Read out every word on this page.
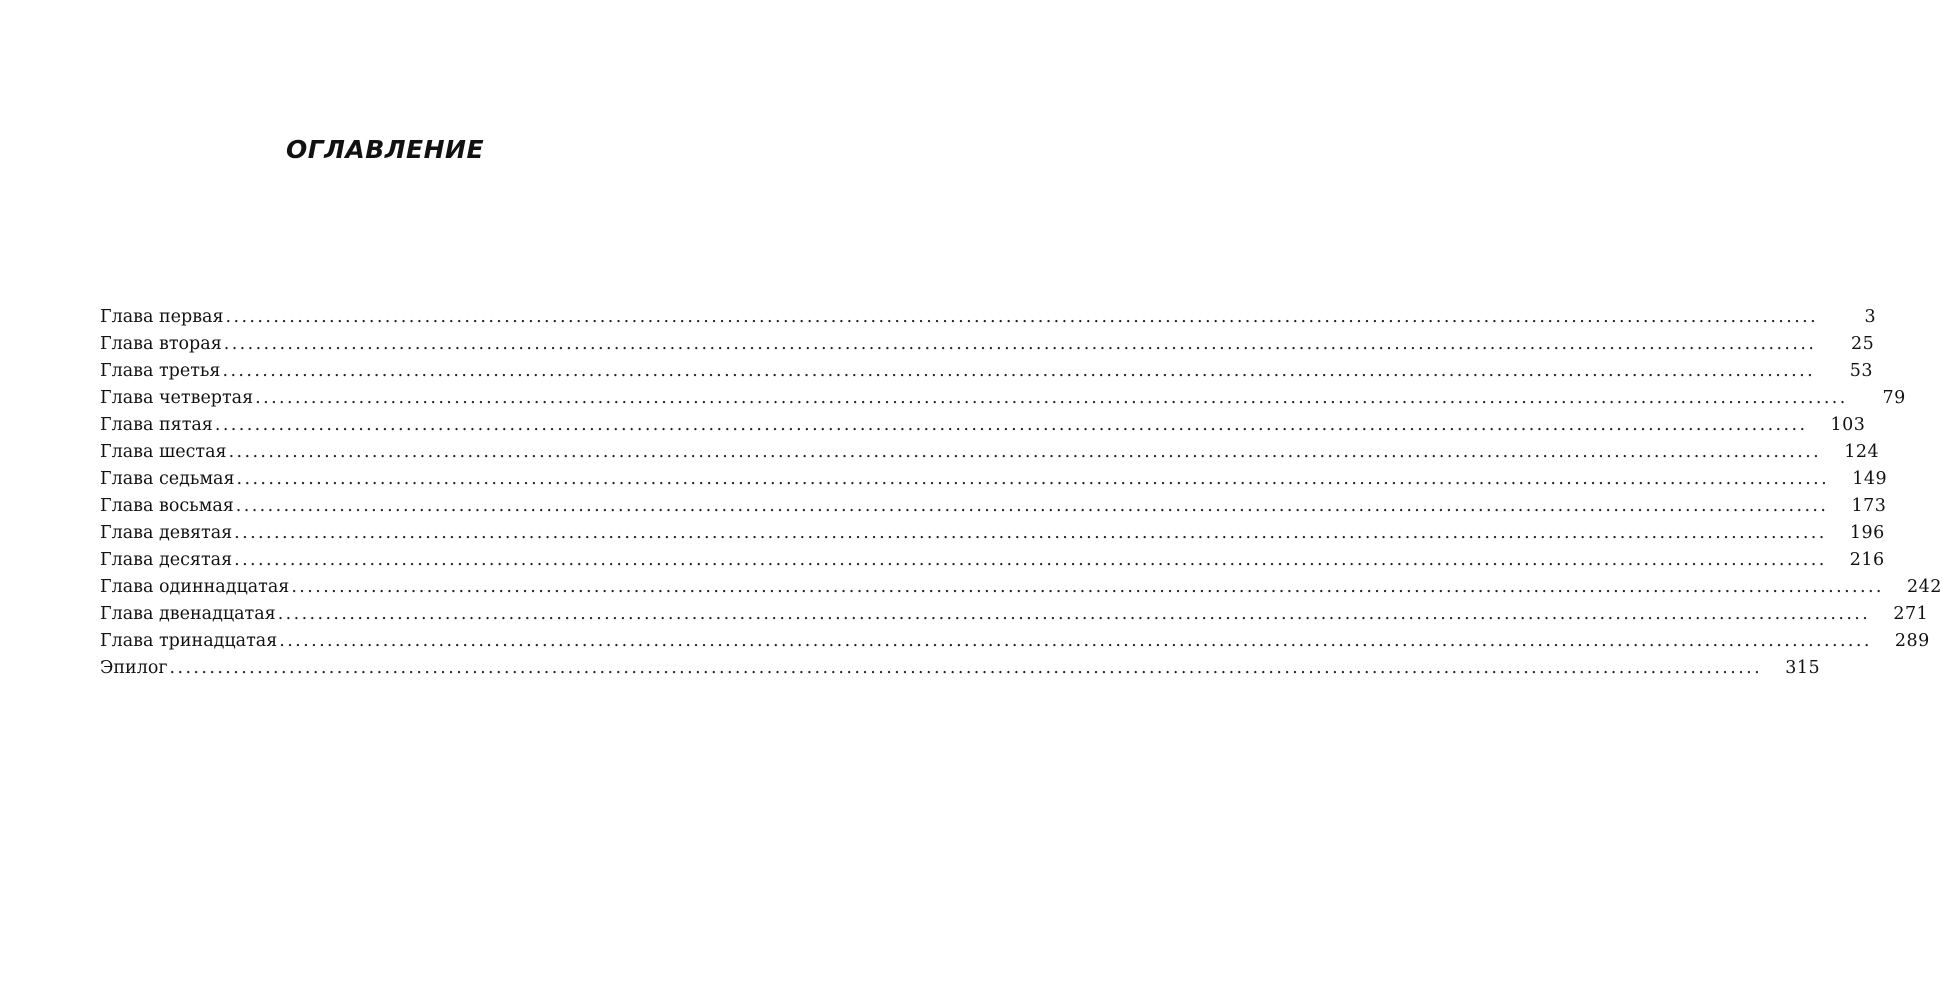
ОГЛАВЛЕНИЕ
Глава первая ........................................................................................................................................................................................................	3
Глава вторая ........................................................................................................................................................................................................	25
Глава третья ........................................................................................................................................................................................................	53
Глава четвертая ........................................................................................................................................................................................................	79
Глава пятая ........................................................................................................................................................................................................	103
Глава шестая ........................................................................................................................................................................................................	124
Глава седьмая ........................................................................................................................................................................................................	149
Глава восьмая ........................................................................................................................................................................................................	173
Глава девятая ........................................................................................................................................................................................................	196
Глава десятая ........................................................................................................................................................................................................	216
Глава одиннадцатая ........................................................................................................................................................................................................	242
Глава двенадцатая ........................................................................................................................................................................................................	271
Глава тринадцатая ........................................................................................................................................................................................................	289
Эпилог ........................................................................................................................................................................................................	315
